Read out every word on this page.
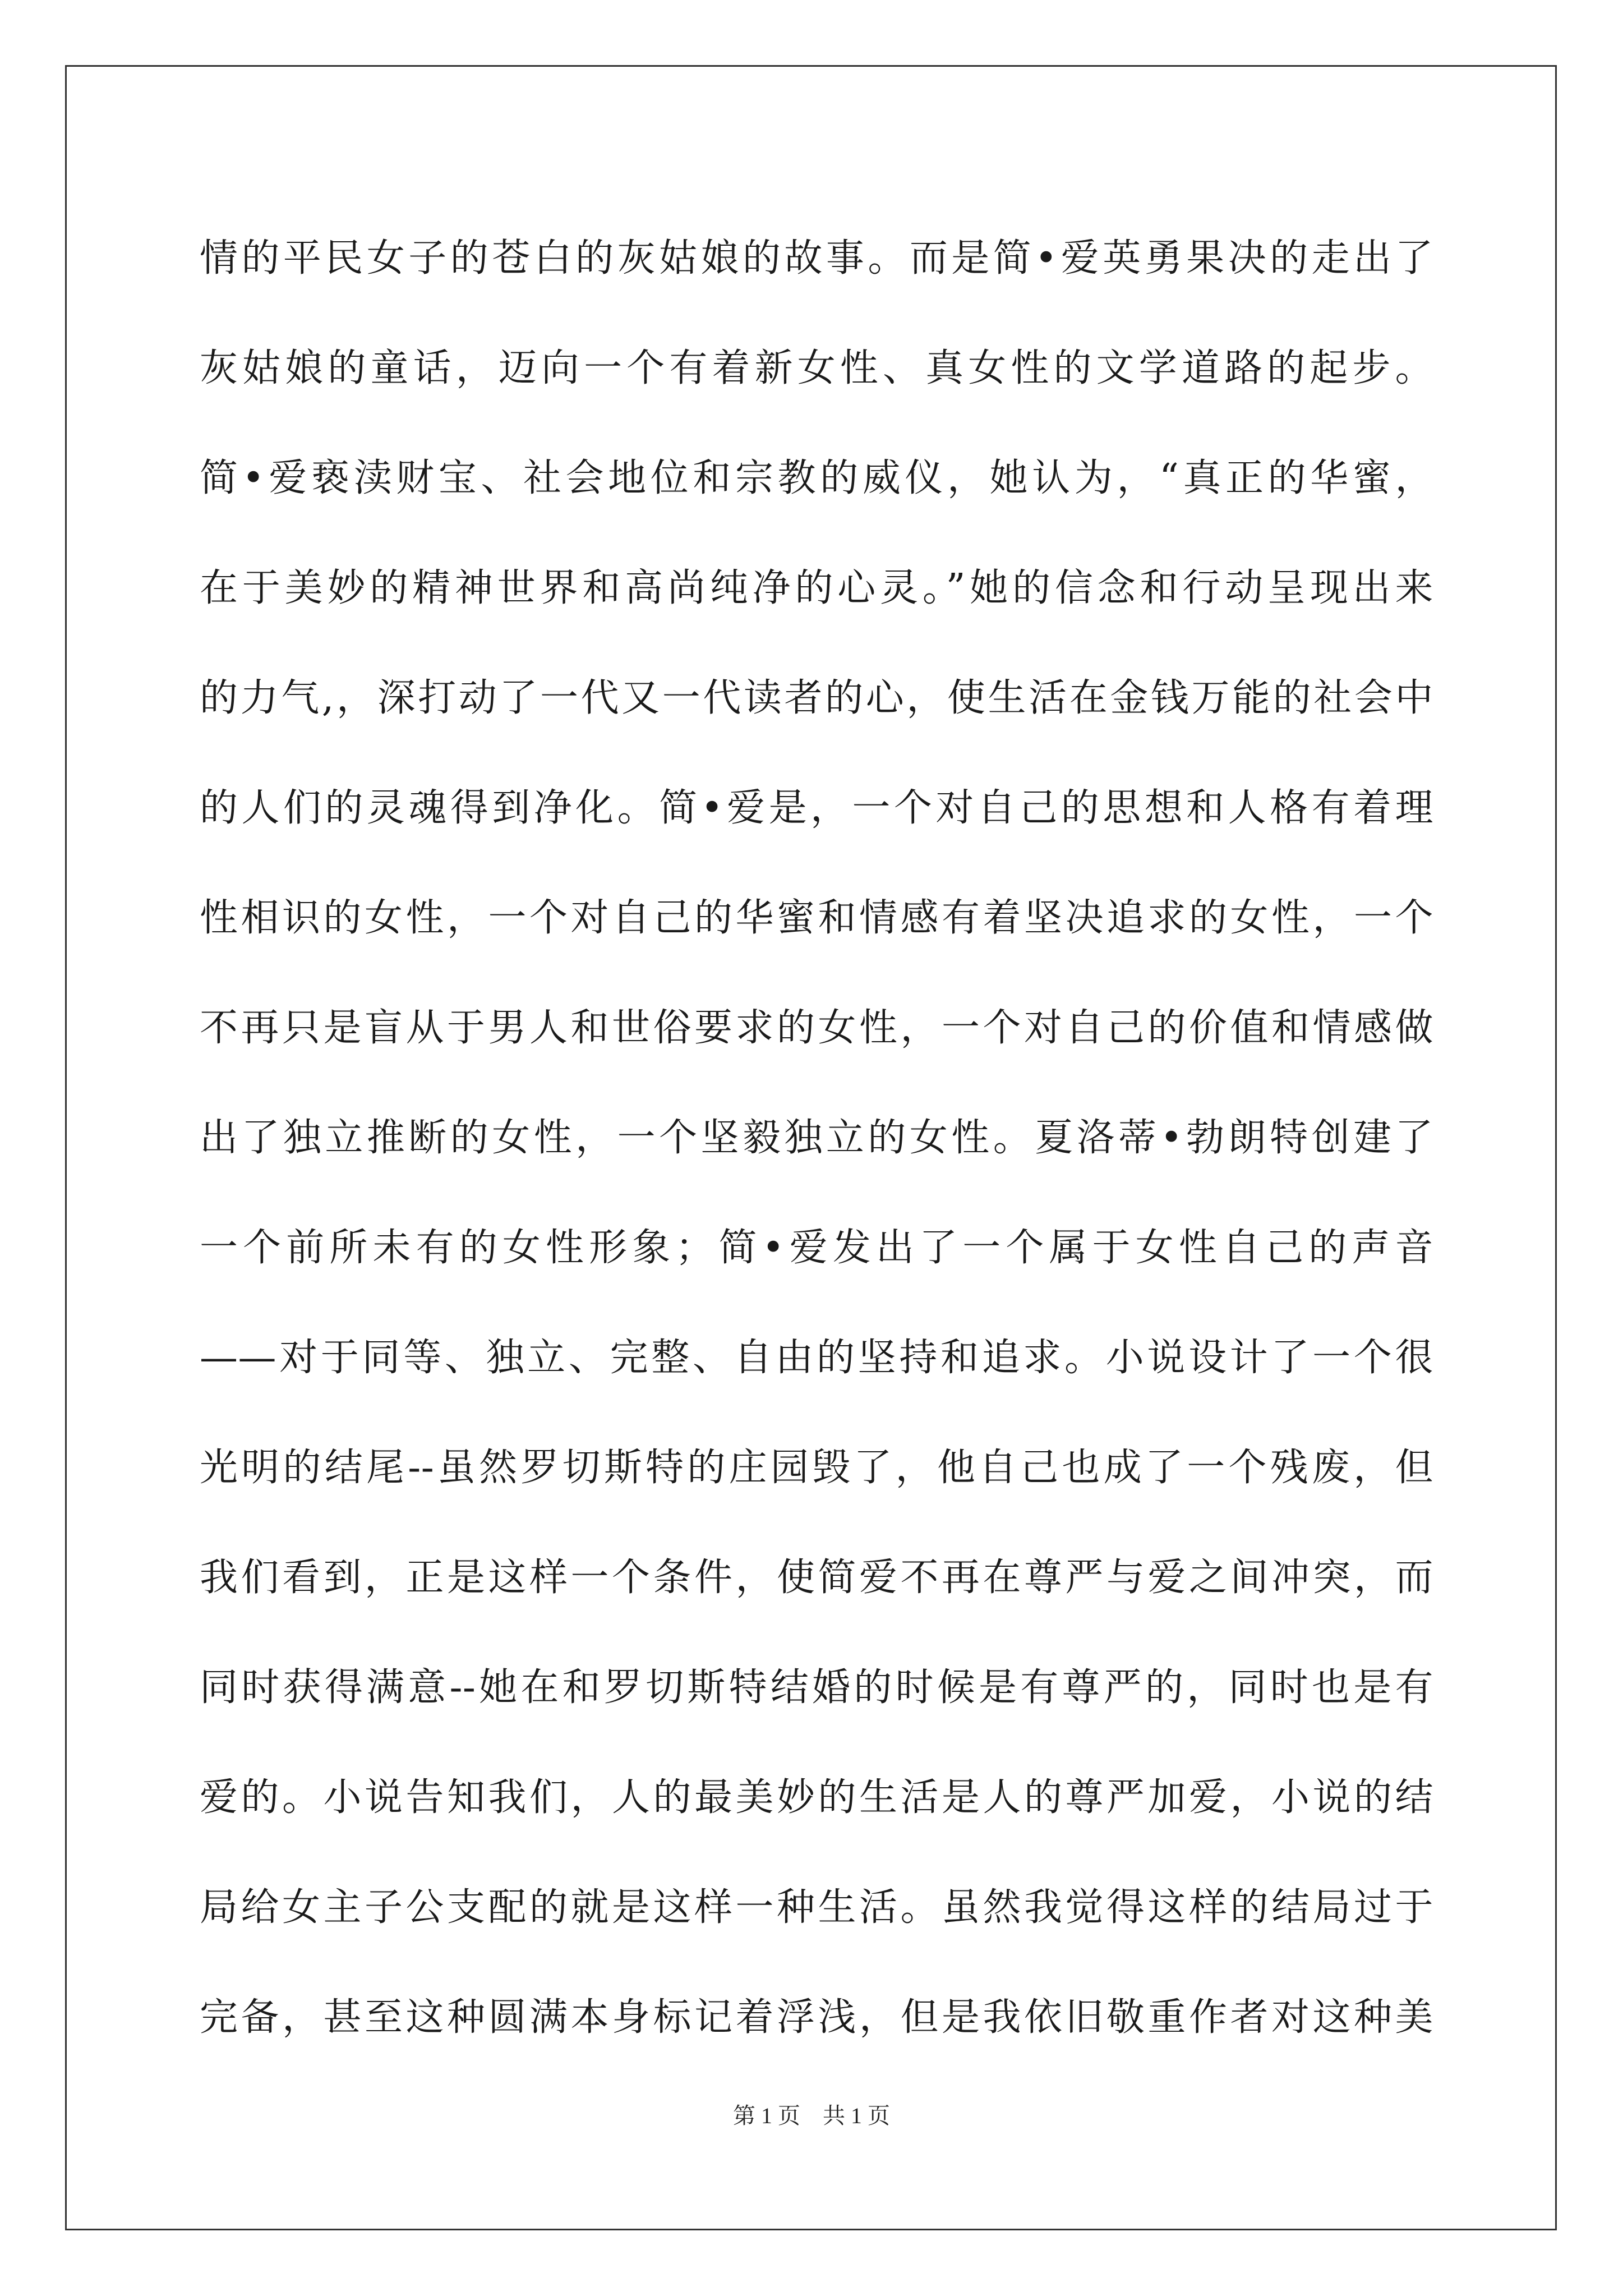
情的平民女子的苍白的灰姑娘的故事。而是简•爱英勇果决的走出了
灰姑娘的童话，迈向一个有着新女性、真女性的文学道路的起步。
简•爱亵渎财宝、社会地位和宗教的威仪，她认为，“真正的华蜜，
在于美妙的精神世界和高尚纯净的心灵。”她的信念和行动呈现出来
的力气,，深打动了一代又一代读者的心，使生活在金钱万能的社会中
的人们的灵魂得到净化。简•爱是，一个对自己的思想和人格有着理
性相识的女性，一个对自己的华蜜和情感有着坚决追求的女性，一个
不再只是盲从于男人和世俗要求的女性，一个对自己的价值和情感做
出了独立推断的女性，一个坚毅独立的女性。夏洛蒂•勃朗特创建了
一个前所未有的女性形象；简•爱发出了一个属于女性自己的声音
——对于同等、独立、完整、自由的坚持和追求。小说设计了一个很
光明的结尾--虽然罗切斯特的庄园毁了，他自己也成了一个残废，但
我们看到，正是这样一个条件，使简爱不再在尊严与爱之间冲突，而
同时获得满意--她在和罗切斯特结婚的时候是有尊严的，同时也是有
爱的。小说告知我们，人的最美妙的生活是人的尊严加爱，小说的结
局给女主子公支配的就是这样一种生活。虽然我觉得这样的结局过于
完备，甚至这种圆满本身标记着浮浅，但是我依旧敬重作者对这种美
第 1 页　共 1 页
